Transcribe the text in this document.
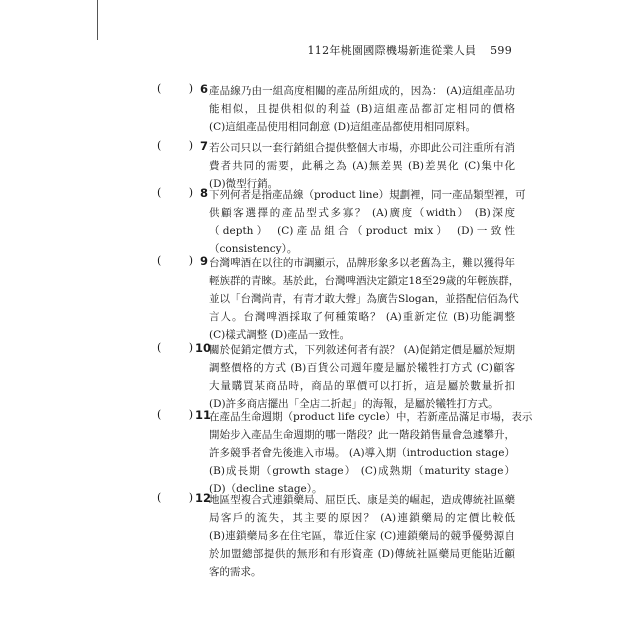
112年桃園國際機場新進從業人員 599
( ) 6 產品線乃由一組高度相關的產品所組成的，因為： (A)這組產品功
能相似，且提供相似的利益 (B)這組產品都訂定相同的價格
(C)這組產品使用相同創意 (D)這組產品都使用相同原料。
( ) 7 若公司只以一套行銷組合提供整個大市場，亦即此公司注重所有消
費者共同的需要，此稱之為 (A)無差異 (B)差異化 (C)集中化
(D)微型行銷。
( ) 8 下列何者是指產品線（product line）規劃裡，同一產品類型裡，可
供顧客選擇的產品型式多寡？ (A)廣度（width） (B)深度
（depth） (C)產品組合（product mix） (D)一致性
（consistency）。
( ) 9 台灣啤酒在以往的市調顯示，品牌形象多以老舊為主，難以獲得年
輕族群的青睞。基於此，台灣啤酒決定鎖定18至29歲的年輕族群，
並以「台灣尚青，有青才敢大聲」為廣告Slogan，並搭配信佰為代
言人。台灣啤酒採取了何種策略？ (A)重新定位 (B)功能調整
(C)樣式調整 (D)產品一致性。
( ) 10
關於促銷定價方式，下列敘述何者有誤？ (A)促銷定價是屬於短期
調整價格的方式 (B)百貨公司週年慶是屬於犧牲打方式 (C)顧客
大量購買某商品時，商品的單價可以打折，這是屬於數量折扣
(D)許多商店擺出「全店二折起」的海報，是屬於犧牲打方式。
( ) 11
在產品生命週期（product life cycle）中，若新產品滿足市場，表示
開始步入產品生命週期的哪一階段？此一階段銷售量會急遽攀升，
許多競爭者會先後進入市場。 (A)導入期（introduction stage）
(B)成長期（growth stage） (C)成熟期（maturity stage）
(D)（decline stage）。
( ) 12
地區型複合式連鎖藥局、屈臣氏、康是美的崛起，造成傳統社區藥
局客戶的流失，其主要的原因？ (A)連鎖藥局的定價比較低
(B)連鎖藥局多在住宅區，靠近住家 (C)連鎖藥局的競爭優勢源自
於加盟總部提供的無形和有形資產 (D)傳統社區藥局更能貼近顧
客的需求。
